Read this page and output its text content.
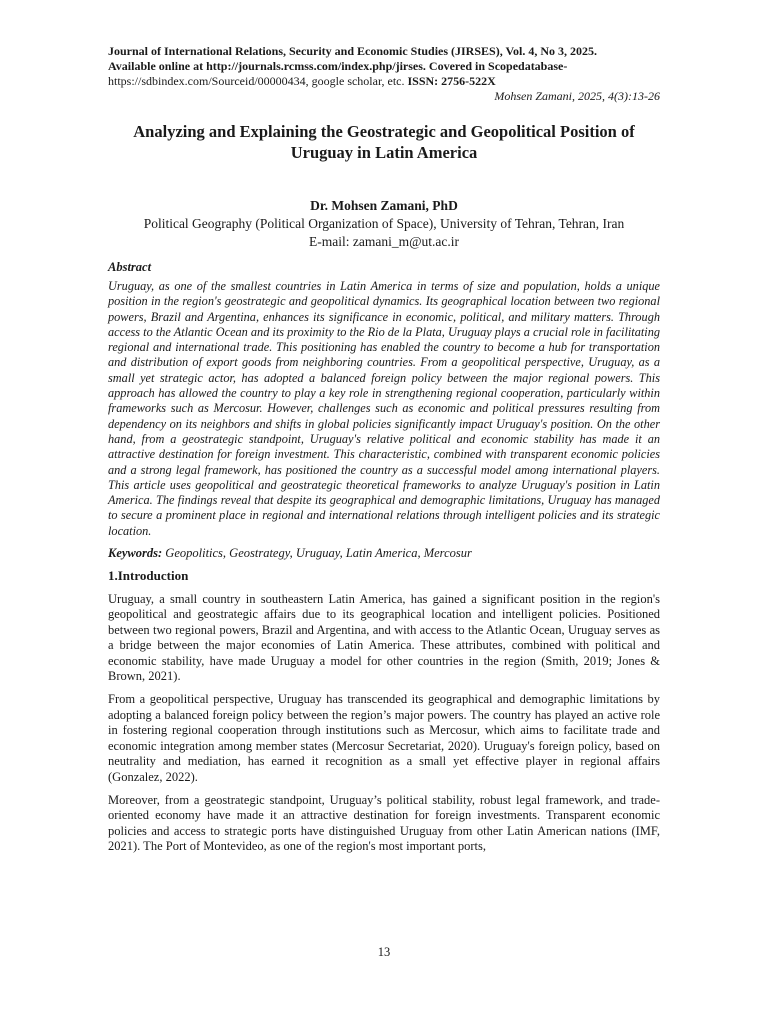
Journal of International Relations, Security and Economic Studies (JIRSES), Vol. 4, No 3, 2025.
Available online at http://journals.rcmss.com/index.php/jirses. Covered in Scopedatabase-
https://sdbindex.com/Sourceid/00000434, google scholar, etc. ISSN: 2756-522X
Mohsen Zamani, 2025, 4(3):13-26
Analyzing and Explaining the Geostrategic and Geopolitical Position of Uruguay in Latin America
Dr. Mohsen Zamani, PhD
Political Geography (Political Organization of Space), University of Tehran, Tehran, Iran
E-mail: zamani_m@ut.ac.ir
Abstract
Uruguay, as one of the smallest countries in Latin America in terms of size and population, holds a unique position in the region's geostrategic and geopolitical dynamics. Its geographical location between two regional powers, Brazil and Argentina, enhances its significance in economic, political, and military matters. Through access to the Atlantic Ocean and its proximity to the Rio de la Plata, Uruguay plays a crucial role in facilitating regional and international trade. This positioning has enabled the country to become a hub for transportation and distribution of export goods from neighboring countries. From a geopolitical perspective, Uruguay, as a small yet strategic actor, has adopted a balanced foreign policy between the major regional powers. This approach has allowed the country to play a key role in strengthening regional cooperation, particularly within frameworks such as Mercosur. However, challenges such as economic and political pressures resulting from dependency on its neighbors and shifts in global policies significantly impact Uruguay's position. On the other hand, from a geostrategic standpoint, Uruguay's relative political and economic stability has made it an attractive destination for foreign investment. This characteristic, combined with transparent economic policies and a strong legal framework, has positioned the country as a successful model among international players. This article uses geopolitical and geostrategic theoretical frameworks to analyze Uruguay's position in Latin America. The findings reveal that despite its geographical and demographic limitations, Uruguay has managed to secure a prominent place in regional and international relations through intelligent policies and its strategic location.
Keywords: Geopolitics, Geostrategy, Uruguay, Latin America, Mercosur
1.Introduction
Uruguay, a small country in southeastern Latin America, has gained a significant position in the region's geopolitical and geostrategic affairs due to its geographical location and intelligent policies. Positioned between two regional powers, Brazil and Argentina, and with access to the Atlantic Ocean, Uruguay serves as a bridge between the major economies of Latin America. These attributes, combined with political and economic stability, have made Uruguay a model for other countries in the region (Smith, 2019; Jones & Brown, 2021).
From a geopolitical perspective, Uruguay has transcended its geographical and demographic limitations by adopting a balanced foreign policy between the region’s major powers. The country has played an active role in fostering regional cooperation through institutions such as Mercosur, which aims to facilitate trade and economic integration among member states (Mercosur Secretariat, 2020). Uruguay's foreign policy, based on neutrality and mediation, has earned it recognition as a small yet effective player in regional affairs (Gonzalez, 2022).
Moreover, from a geostrategic standpoint, Uruguay’s political stability, robust legal framework, and trade-oriented economy have made it an attractive destination for foreign investments. Transparent economic policies and access to strategic ports have distinguished Uruguay from other Latin American nations (IMF, 2021). The Port of Montevideo, as one of the region's most important ports,
13
